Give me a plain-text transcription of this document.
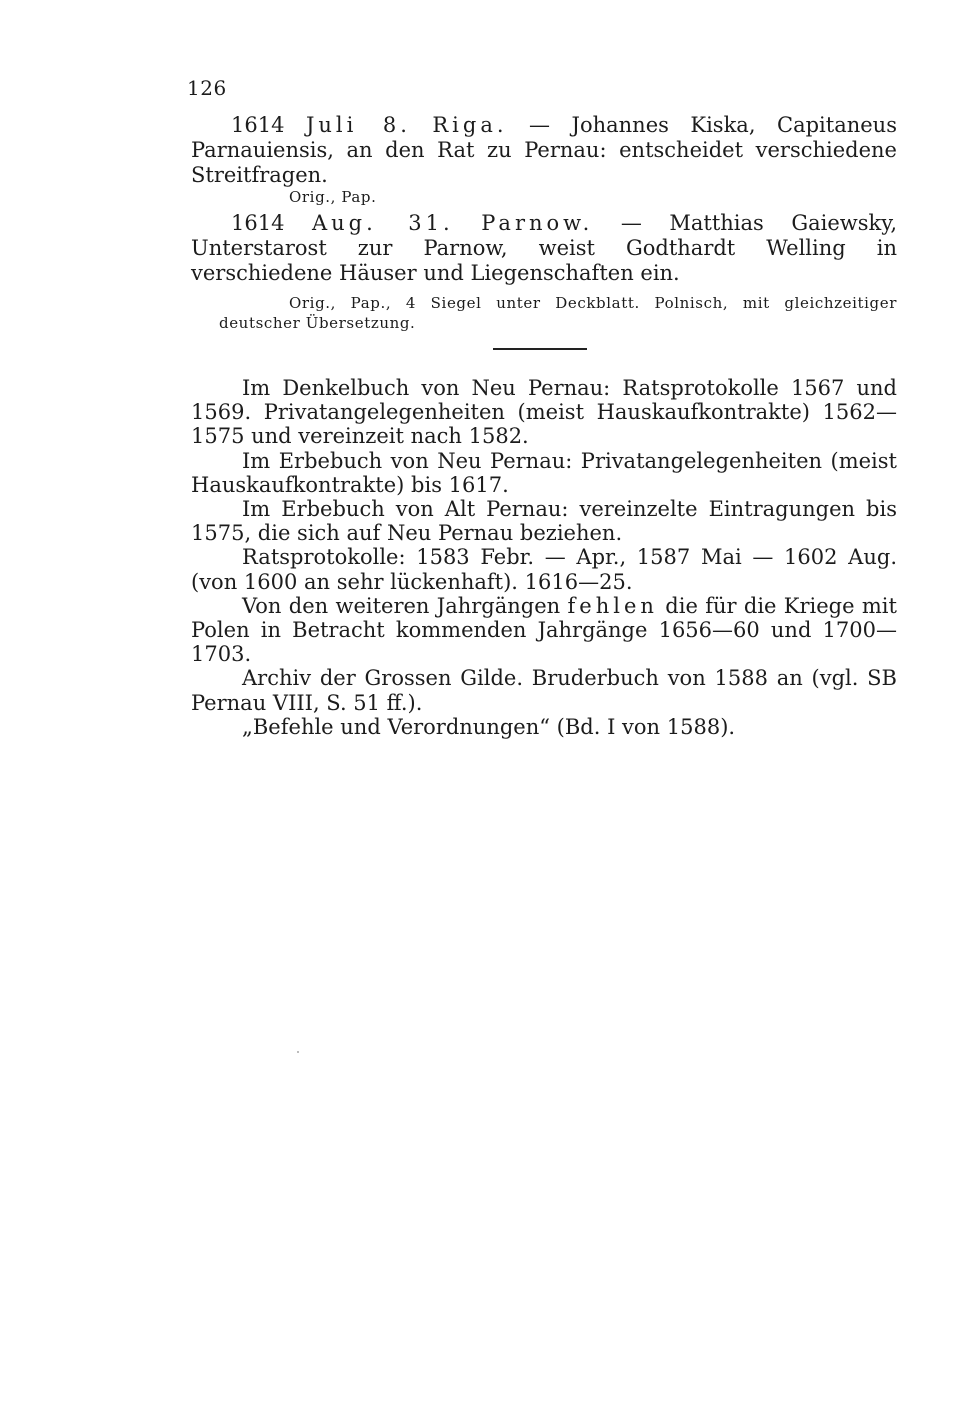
126

1614 Juli 8. Riga. — Johannes Kiska, Capitaneus Parnauiensis, an den Rat zu Pernau: entscheidet verschiedene Streitfragen.

Orig., Pap.

1614 Aug. 31. Parnow. — Matthias Gaiewsky, Unterstarost zur Parnow, weist Godthardt Welling in verschiedene Häuser und Liegenschaften ein.

Orig., Pap., 4 Siegel unter Deckblatt. Polnisch, mit gleichzeitiger deutscher Übersetzung.

Im Denkelbuch von Neu Pernau: Ratsprotokolle 1567 und 1569. Privatangelegenheiten (meist Hauskaufkontrakte) 1562—1575 und vereinzeit nach 1582.

Im Erbebuch von Neu Pernau: Privatangelegenheiten (meist Hauskaufkontrakte) bis 1617.

Im Erbebuch von Alt Pernau: vereinzelte Eintragungen bis 1575, die sich auf Neu Pernau beziehen.

Ratsprotokolle: 1583 Febr. — Apr., 1587 Mai — 1602 Aug. (von 1600 an sehr lückenhaft). 1616—25.

Von den weiteren Jahrgängen fehlen die für die Kriege mit Polen in Betracht kommenden Jahrgänge 1656—60 und 1700—1703.

Archiv der Grossen Gilde. Bruderbuch von 1588 an (vgl. SB Pernau VIII, S. 51 ff.).

„Befehle und Verordnungen“ (Bd. I von 1588).
